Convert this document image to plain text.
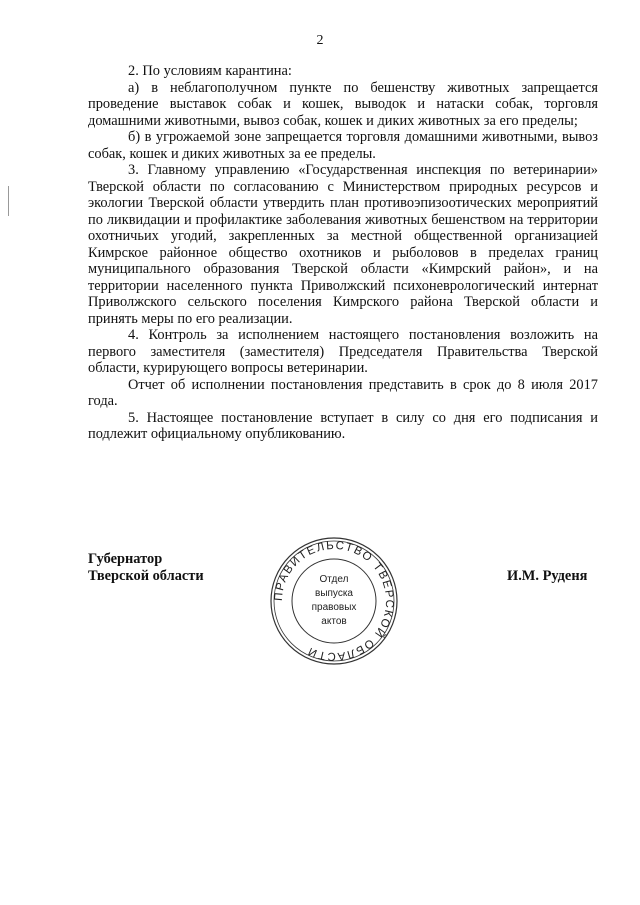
2

2. По условиям карантина:

а) в неблагополучном пункте по бешенству животных запрещается проведение выставок собак и кошек, выводок и натаски собак, торговля домашними животными, вывоз собак, кошек и диких животных за его пределы;

б) в угрожаемой зоне запрещается торговля домашними животными, вывоз собак, кошек и диких животных за ее пределы.

3. Главному управлению «Государственная инспекция по ветеринарии» Тверской области по согласованию с Министерством природных ресурсов и экологии Тверской области утвердить план противоэпизоотических мероприятий по ликвидации и профилактике заболевания животных бешенством на территории охотничьих угодий, закрепленных за местной общественной организацией Кимрское районное общество охотников и рыболовов в пределах границ муниципального образования Тверской области «Кимрский район», и на территории населенного пункта Приволжский психоневрологический интернат Приволжского сельского поселения Кимрского района Тверской области и принять меры по его реализации.

4. Контроль за исполнением настоящего постановления возложить на первого заместителя (заместителя) Председателя Правительства Тверской области, курирующего вопросы ветеринарии.

Отчет об исполнении постановления представить в срок до 8 июля 2017 года.

5. Настоящее постановление вступает в силу со дня его подписания и подлежит официальному опубликованию.

Губернатор
Тверской области
ПРАВИТЕЛЬСТВО ТВЕРСКОЙ ОБЛАСТИ
Отдел
выпуска
правовых
актов
И.М. Руденя
